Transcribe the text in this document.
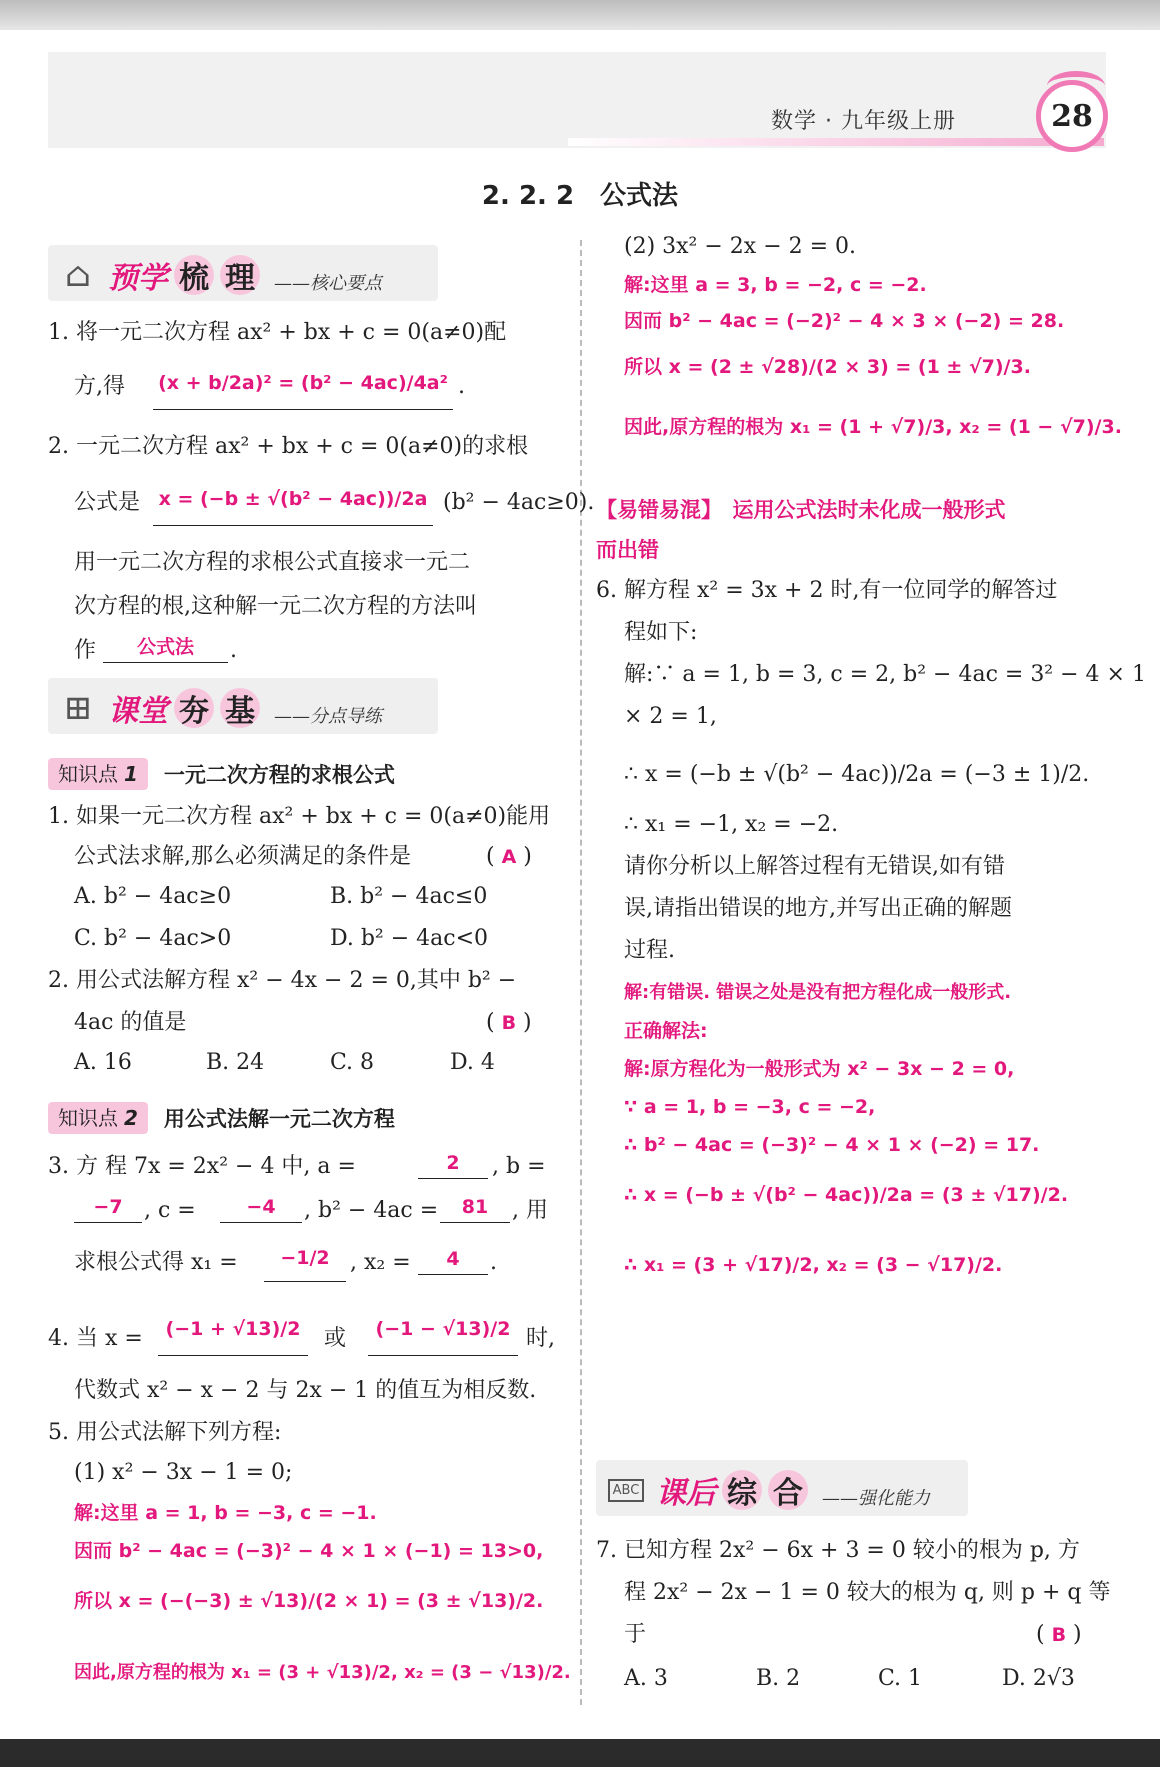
数学 · 九年级上册	28
2. 2. 2　公式法
⌂ 预学 梳 理 ——核心要点
1. 将一元二次方程 ax² + bx + c = 0(a≠0)配
方,得 (x + b/2a)² = (b² − 4ac)/4a² .
2. 一元二次方程 ax² + bx + c = 0(a≠0)的求根
公式是 x = (−b ± √(b² − 4ac))/2a (b² − 4ac≥0).
用一元二次方程的求根公式直接求一元二
次方程的根,这种解一元二次方程的方法叫
作	公式法	.
⊞ 课堂 夯 基 ——分点导练
知识点 1	一元二次方程的求根公式
1. 如果一元二次方程 ax² + bx + c = 0(a≠0)能用
公式法求解,那么必须满足的条件是	( A )
A. b² − 4ac≥0	B. b² − 4ac≤0
C. b² − 4ac>0	D. b² − 4ac<0
2. 用公式法解方程 x² − 4x − 2 = 0,其中 b² −
4ac 的值是	( B )
A. 16	B. 24	C. 8	D. 4
知识点 2	用公式法解一元二次方程
3. 方 程 7x = 2x² − 4 中, a =	2	, b =
−7 , c =	−4	, b² − 4ac =	81	, 用
求根公式得 x₁ =	−1/2 , x₂ =	4	.
4. 当 x =	(−1 + √13)/2	或	(−1 − √13)/2 时,
代数式 x² − x − 2 与 2x − 1 的值互为相反数.
5. 用公式法解下列方程:
(1) x² − 3x − 1 = 0;
解:这里 a = 1, b = −3, c = −1.
因而 b² − 4ac = (−3)² − 4 × 1 × (−1) = 13>0,
所以 x = (−(−3) ± √13)/(2 × 1) = (3 ± √13)/2.
因此,原方程的根为 x₁ = (3 + √13)/2, x₂ = (3 − √13)/2.
(2) 3x² − 2x − 2 = 0.
解:这里 a = 3, b = −2, c = −2.
因而 b² − 4ac = (−2)² − 4 × 3 × (−2) = 28.
所以 x = (2 ± √28)/(2 × 3) = (1 ± √7)/3.
因此,原方程的根为 x₁ = (1 + √7)/3, x₂ = (1 − √7)/3.
【易错易混】　运用公式法时未化成一般形式
而出错
6. 解方程 x² = 3x + 2 时,有一位同学的解答过
程如下:
解:∵ a = 1, b = 3, c = 2, b² − 4ac = 3² − 4 × 1
× 2 = 1,
∴ x = (−b ± √(b² − 4ac))/2a = (−3 ± 1)/2.
∴ x₁ = −1, x₂ = −2.
请你分析以上解答过程有无错误,如有错
误,请指出错误的地方,并写出正确的解题
过程.
解:有错误. 错误之处是没有把方程化成一般形式.
正确解法:
解:原方程化为一般形式为 x² − 3x − 2 = 0,
∵ a = 1, b = −3, c = −2,
∴ b² − 4ac = (−3)² − 4 × 1 × (−2) = 17.
∴ x = (−b ± √(b² − 4ac))/2a = (3 ± √17)/2.
∴ x₁ = (3 + √17)/2, x₂ = (3 − √17)/2.
ABC 课后 综 合 ——强化能力
7. 已知方程 2x² − 6x + 3 = 0 较小的根为 p, 方
程 2x² − 2x − 1 = 0 较大的根为 q, 则 p + q 等
于	( B )
A. 3	B. 2	C. 1	D. 2√3
